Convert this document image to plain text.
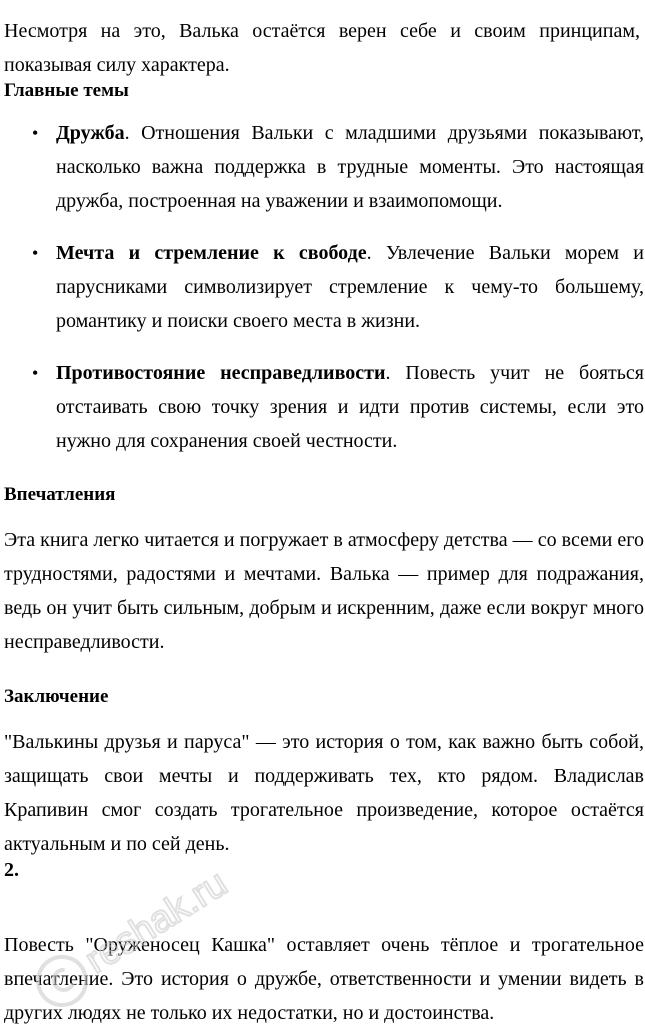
Несмотря на это, Валька остаётся верен себе и своим принципам, показывая силу характера.

Главные темы
• Дружба. Отношения Вальки с младшими друзьями показывают, насколько важна поддержка в трудные моменты. Это настоящая дружба, построенная на уважении и взаимопомощи.

• Мечта и стремление к свободе. Увлечение Вальки морем и парусниками символизирует стремление к чему-то большему, романтику и поиски своего места в жизни.

• Противостояние несправедливости. Повесть учит не бояться отстаивать свою точку зрения и идти против системы, если это нужно для сохранения своей честности.

Впечатления

Эта книга легко читается и погружает в атмосферу детства — со всеми его трудностями, радостями и мечтами. Валька — пример для подражания, ведь он учит быть сильным, добрым и искренним, даже если вокруг много несправедливости.

Заключение

"Валькины друзья и паруса" — это история о том, как важно быть собой, защищать свои мечты и поддерживать тех, кто рядом. Владислав Крапивин смог создать трогательное произведение, которое остаётся актуальным и по сей день.

2.

Повесть "Оруженосец Кашка" оставляет очень тёплое и трогательное впечатление. Это история о дружбе, ответственности и умении видеть в других людях не только их недостатки, но и достоинства.

reshak.ru
